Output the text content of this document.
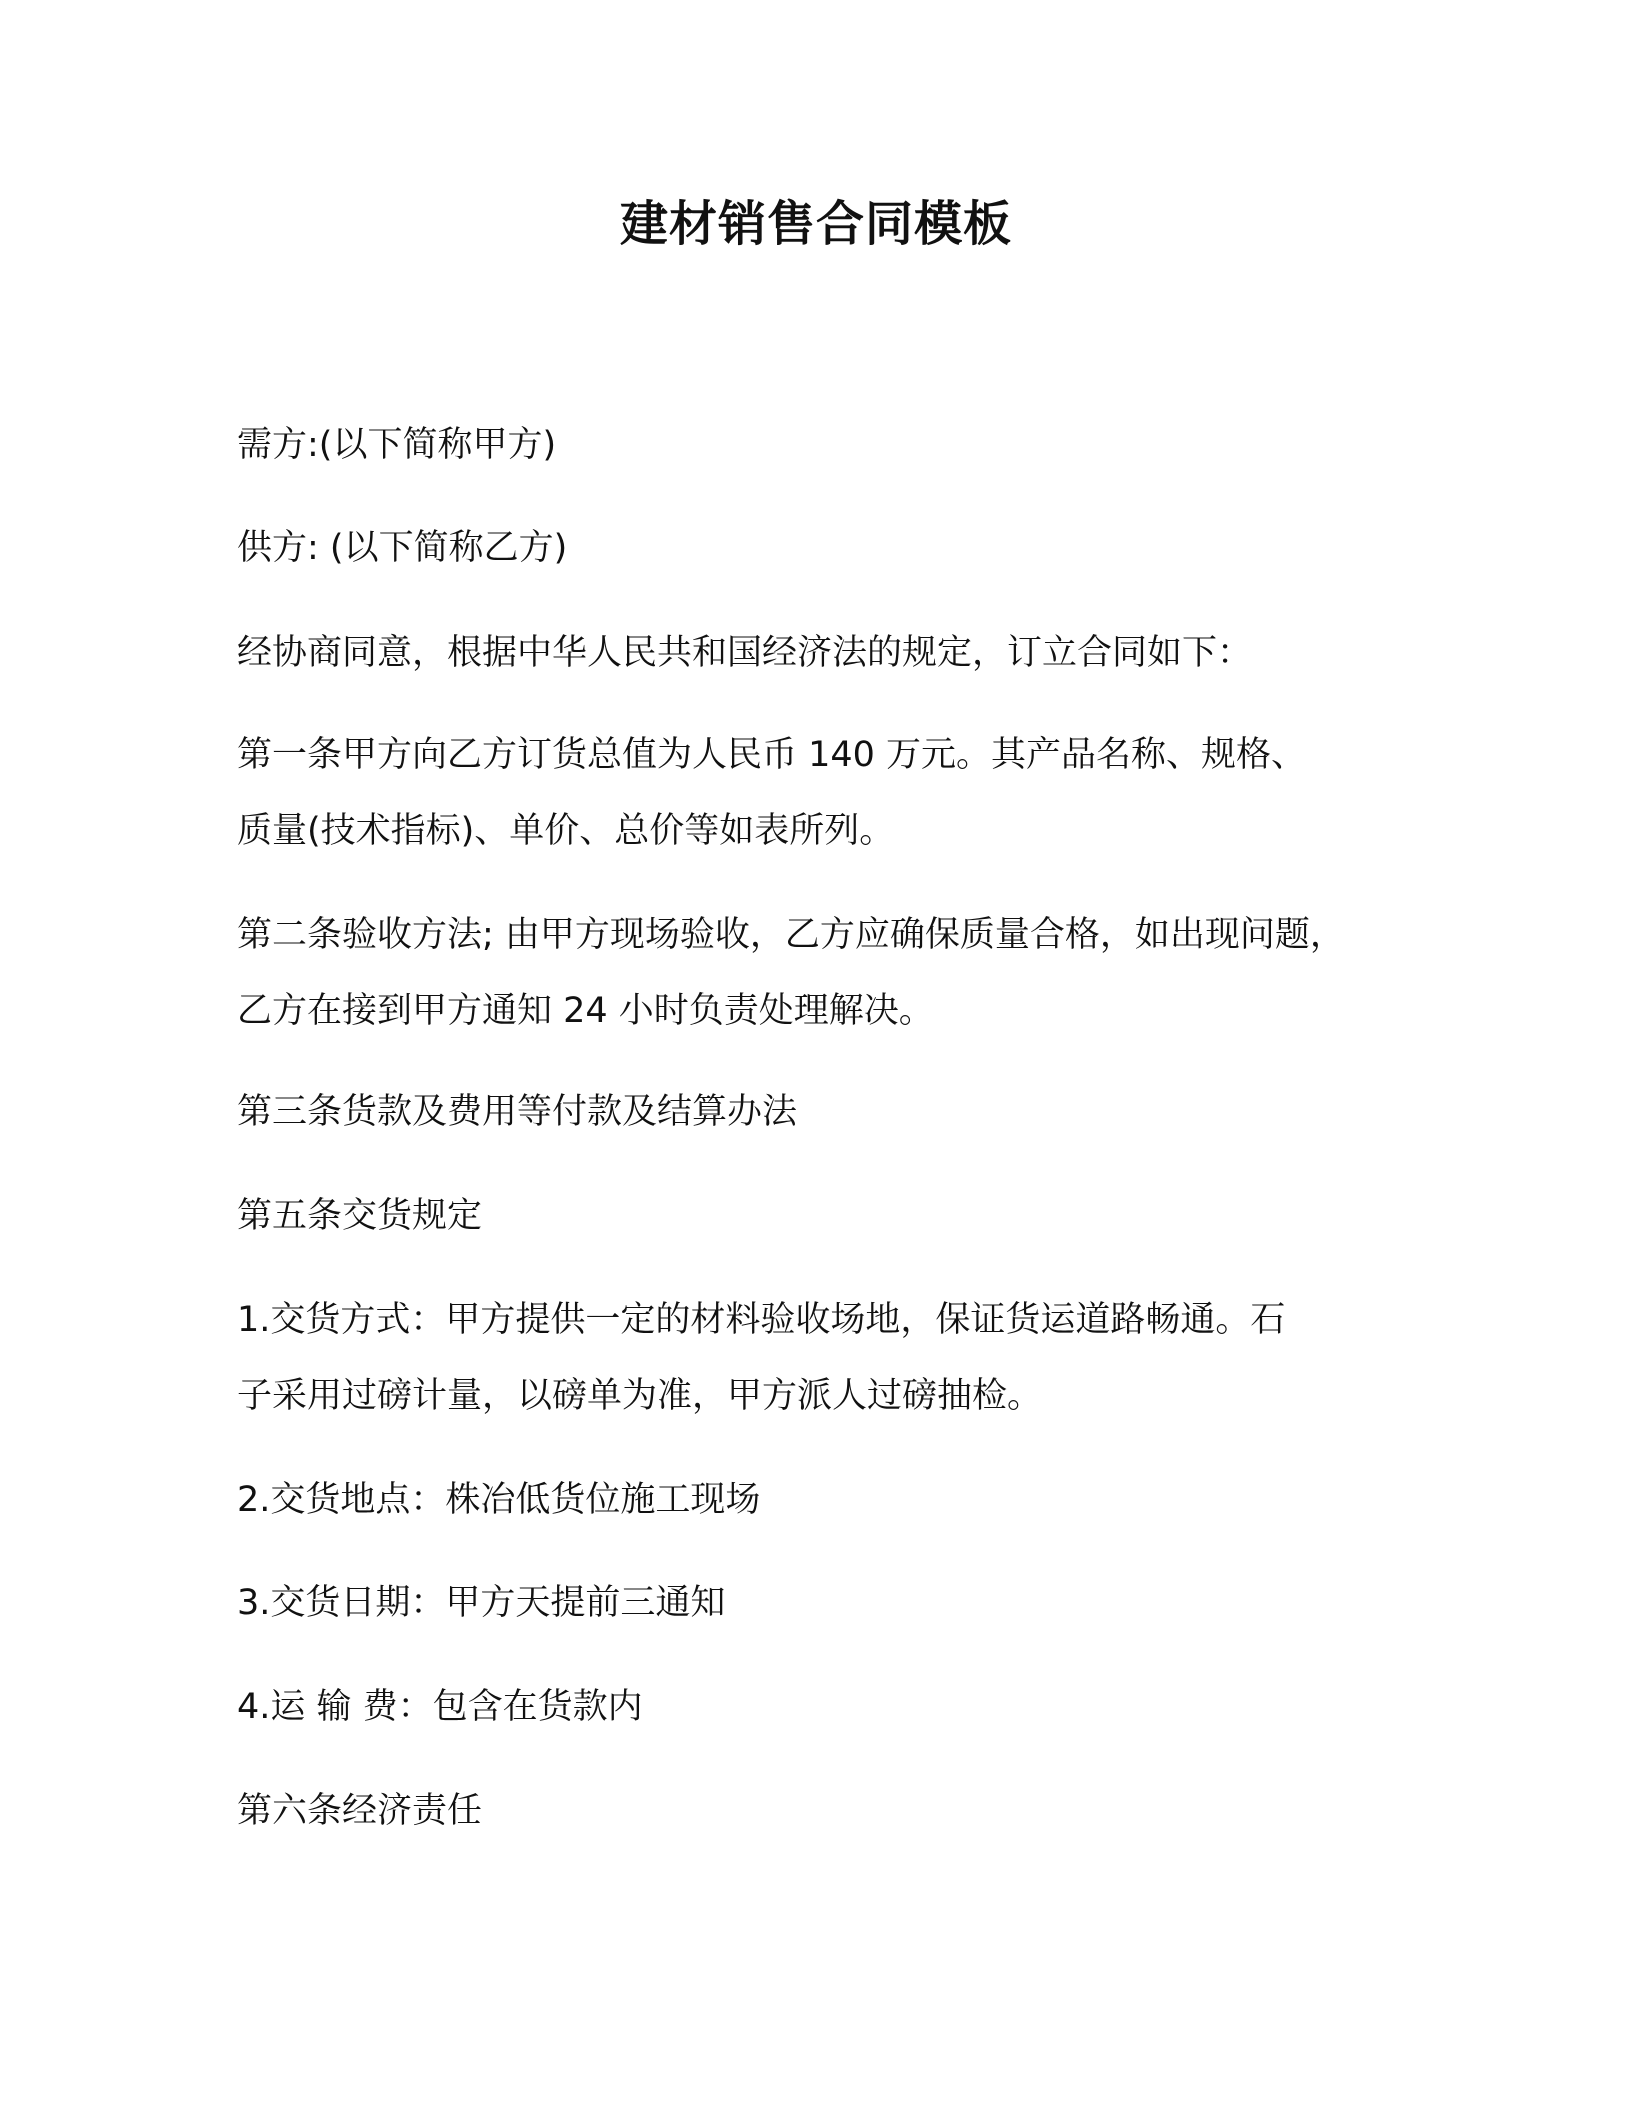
建材销售合同模板

需方:(以下简称甲方)

供方: (以下简称乙方)

经协商同意，根据中华人民共和国经济法的规定，订立合同如下：

第一条甲方向乙方订货总值为人民币 140 万元。其产品名称、规格、

质量(技术指标)、单价、总价等如表所列。

第二条验收方法; 由甲方现场验收，乙方应确保质量合格，如出现问题，

乙方在接到甲方通知 24 小时负责处理解决。

第三条货款及费用等付款及结算办法

第五条交货规定

1.交货方式：甲方提供一定的材料验收场地，保证货运道路畅通。石

子采用过磅计量，以磅单为准，甲方派人过磅抽检。

2.交货地点：株冶低货位施工现场

3.交货日期：甲方天提前三通知

4.运 输 费：包含在货款内

第六条经济责任
